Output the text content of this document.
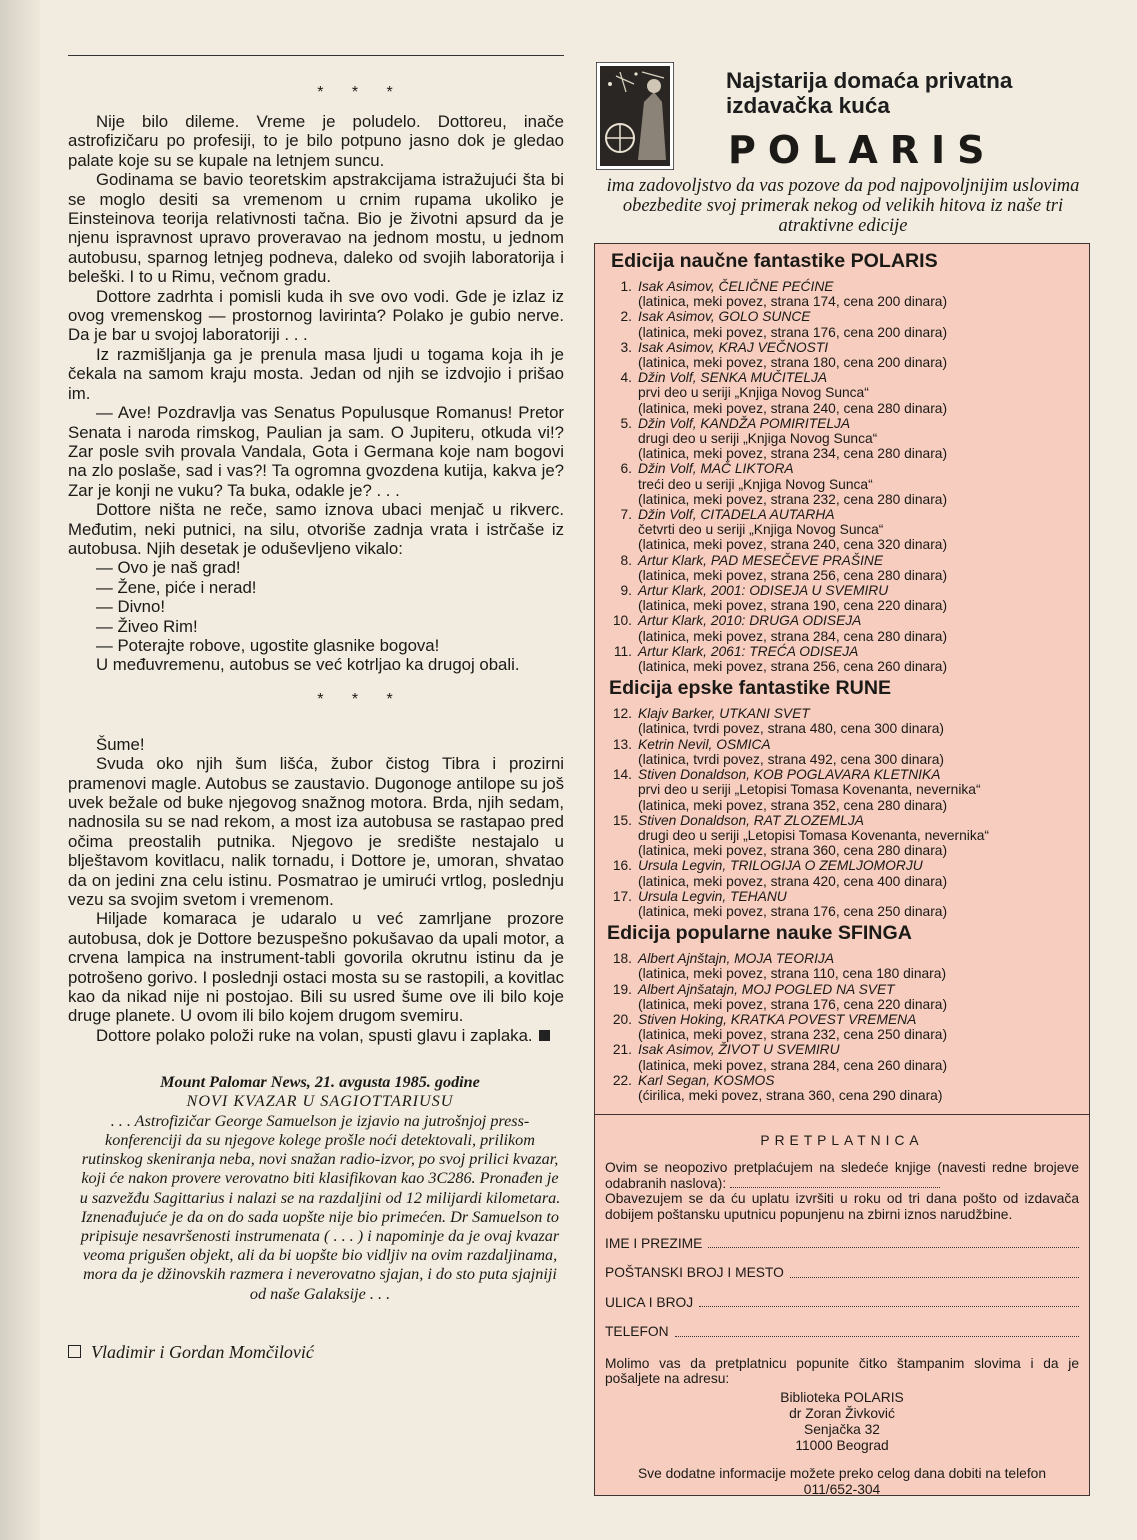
* * *

Nije bilo dileme. Vreme je poludelo. Dottoreu, inače astrofizičaru po profesiji, to je bilo potpuno jasno dok je gledao palate koje su se kupale na letnjem suncu.

Godinama se bavio teoretskim apstrakcijama istražujući šta bi se moglo desiti sa vremenom u crnim rupama ukoliko je Einsteinova teorija relativnosti tačna. Bio je životni apsurd da je njenu ispravnost upravo proveravao na jednom mostu, u jednom autobusu, sparnog letnjeg podneva, daleko od svojih laboratorija i beleški. I to u Rimu, večnom gradu.

Dottore zadrhta i pomisli kuda ih sve ovo vodi. Gde je izlaz iz ovog vremenskog — prostornog lavirinta? Polako je gubio nerve. Da je bar u svojoj laboratoriji . . .

Iz razmišljanja ga je prenula masa ljudi u togama koja ih je čekala na samom kraju mosta. Jedan od njih se izdvojio i prišao im.

— Ave! Pozdravlja vas Senatus Populusque Romanus! Pretor Senata i naroda rimskog, Paulian ja sam. O Jupiteru, otkuda vi!? Zar posle svih provala Vandala, Gota i Germana koje nam bogovi na zlo poslaše, sad i vas?! Ta ogromna gvozdena kutija, kakva je? Zar je konji ne vuku? Ta buka, odakle je? . . .

Dottore ništa ne reče, samo iznova ubaci menjač u rikverc. Međutim, neki putnici, na silu, otvoriše zadnja vrata i istrčaše iz autobusa. Njih desetak je oduševljeno vikalo:

— Ovo je naš grad!

— Žene, piće i nerad!

— Divno!

— Živeo Rim!

— Poterajte robove, ugostite glasnike bogova!

U međuvremenu, autobus se već kotrljao ka drugoj obali.

* * *

Šume!

Svuda oko njih šum lišća, žubor čistog Tibra i prozirni pramenovi magle. Autobus se zaustavio. Dugonoge antilope su još uvek bežale od buke njegovog snažnog motora. Brda, njih sedam, nadnosila su se nad rekom, a most iza autobusa se rastapao pred očima preostalih putnika. Njegovo je središte nestajalo u blještavom kovitlacu, nalik tornadu, i Dottore je, umoran, shvatao da on jedini zna celu istinu. Posmatrao je umirući vrtlog, poslednju vezu sa svojim svetom i vremenom.

Hiljade komaraca je udaralo u već zamrljane prozore autobusa, dok je Dottore bezuspešno pokušavao da upali motor, a crvena lampica na instrument-tabli govorila okrutnu istinu da je potrošeno gorivo. I poslednji ostaci mosta su se rastopili, a kovitlac kao da nikad nije ni postojao. Bili su usred šume ove ili bilo koje druge planete. U ovom ili bilo kojem drugom svemiru.

Dottore polako položi ruke na volan, spusti glavu i zaplaka.

Mount Palomar News, 21. avgusta 1985. godine
NOVI KVAZAR U SAGIOTTARIUSU
. . . Astrofizičar George Samuelson je izjavio na jutrošnjoj press-konferenciji da su njegove kolege prošle noći detektovali, prilikom rutinskog skeniranja neba, novi snažan radio-izvor, po svoj prilici kvazar, koji će nakon provere verovatno biti klasifikovan kao 3C286. Pronađen je u sazvežđu Sagittarius i nalazi se na razdaljini od 12 milijardi kilometara. Iznenađujuće je da on do sada uopšte nije bio primećen. Dr Samuelson to pripisuje nesavršenosti instrumenata ( . . . ) i napominje da je ovaj kvazar veoma prigušen objekt, ali da bi uopšte bio vidljiv na ovim razdaljinama, mora da je džinovskih razmera i neverovatno sjajan, i do sto puta sjajniji od naše Galaksije . . .
Vladimir i Gordan Momčilović
Najstarija domaća privatna izdavačka kuća
POLARIS
ima zadovoljstvo da vas pozove da pod najpovoljnijim uslovima obezbedite svoj primerak nekog od velikih hitova iz naše tri atraktivne edicije
Edicija naučne fantastike POLARIS
1. Isak Asimov, ČELIČNE PEĆINE
(latinica, meki povez, strana 174, cena 200 dinara)
2. Isak Asimov, GOLO SUNCE
(latinica, meki povez, strana 176, cena 200 dinara)
3. Isak Asimov, KRAJ VEČNOSTI
(latinica, meki povez, strana 180, cena 200 dinara)
4. Džin Volf, SENKA MUČITELJA
prvi deo u seriji „Knjiga Novog Sunca“
(latinica, meki povez, strana 240, cena 280 dinara)
5. Džin Volf, KANDŽA POMIRITELJA
drugi deo u seriji „Knjiga Novog Sunca“
(latinica, meki povez, strana 234, cena 280 dinara)
6. Džin Volf, MAČ LIKTORA
treći deo u seriji „Knjiga Novog Sunca“
(latinica, meki povez, strana 232, cena 280 dinara)
7. Džin Volf, CITADELA AUTARHA
četvrti deo u seriji „Knjiga Novog Sunca“
(latinica, meki povez, strana 240, cena 320 dinara)
8. Artur Klark, PAD MESEČEVE PRAŠINE
(latinica, meki povez, strana 256, cena 280 dinara)
9. Artur Klark, 2001: ODISEJA U SVEMIRU
(latinica, meki povez, strana 190, cena 220 dinara)
10. Artur Klark, 2010: DRUGA ODISEJA
(latinica, meki povez, strana 284, cena 280 dinara)
11. Artur Klark, 2061: TREĆA ODISEJA
(latinica, meki povez, strana 256, cena 260 dinara)
Edicija epske fantastike RUNE
12. Klajv Barker, UTKANI SVET
(latinica, tvrdi povez, strana 480, cena 300 dinara)
13. Ketrin Nevil, OSMICA
(latinica, tvrdi povez, strana 492, cena 300 dinara)
14. Stiven Donaldson, KOB POGLAVARA KLETNIKA
prvi deo u seriji „Letopisi Tomasa Kovenanta, nevernika“
(latinica, meki povez, strana 352, cena 280 dinara)
15. Stiven Donaldson, RAT ZLOZEMLJA
drugi deo u seriji „Letopisi Tomasa Kovenanta, nevernika“
(latinica, meki povez, strana 360, cena 280 dinara)
16. Ursula Legvin, TRILOGIJA O ZEMLJOMORJU
(latinica, meki povez, strana 420, cena 400 dinara)
17. Ursula Legvin, TEHANU
(latinica, meki povez, strana 176, cena 250 dinara)
Edicija popularne nauke SFINGA
18. Albert Ajnštajn, MOJA TEORIJA
(latinica, meki povez, strana 110, cena 180 dinara)
19. Albert Ajnšatajn, MOJ POGLED NA SVET
(latinica, meki povez, strana 176, cena 220 dinara)
20. Stiven Hoking, KRATKA POVEST VREMENA
(latinica, meki povez, strana 232, cena 250 dinara)
21. Isak Asimov, ŽIVOT U SVEMIRU
(latinica, meki povez, strana 284, cena 260 dinara)
22. Karl Segan, KOSMOS
(ćirilica, meki povez, strana 360, cena 290 dinara)
PRETPLATNICA
Ovim se neopozivo pretplaćujem na sledeće knjige (navesti redne brojeve odabranih naslova):
Obavezujem se da ću uplatu izvršiti u roku od tri dana pošto od izdavača dobijem poštansku uputnicu popunjenu na zbirni iznos narudžbine.
IME I PREZIME
POŠTANSKI BROJ I MESTO
ULICA I BROJ
TELEFON
Molimo vas da pretplatnicu popunite čitko štampanim slovima i da je pošaljete na adresu:
Biblioteka POLARIS
dr Zoran Živković
Senjačka 32
11000 Beograd
Sve dodatne informacije možete preko celog dana dobiti na telefon
011/652-304
